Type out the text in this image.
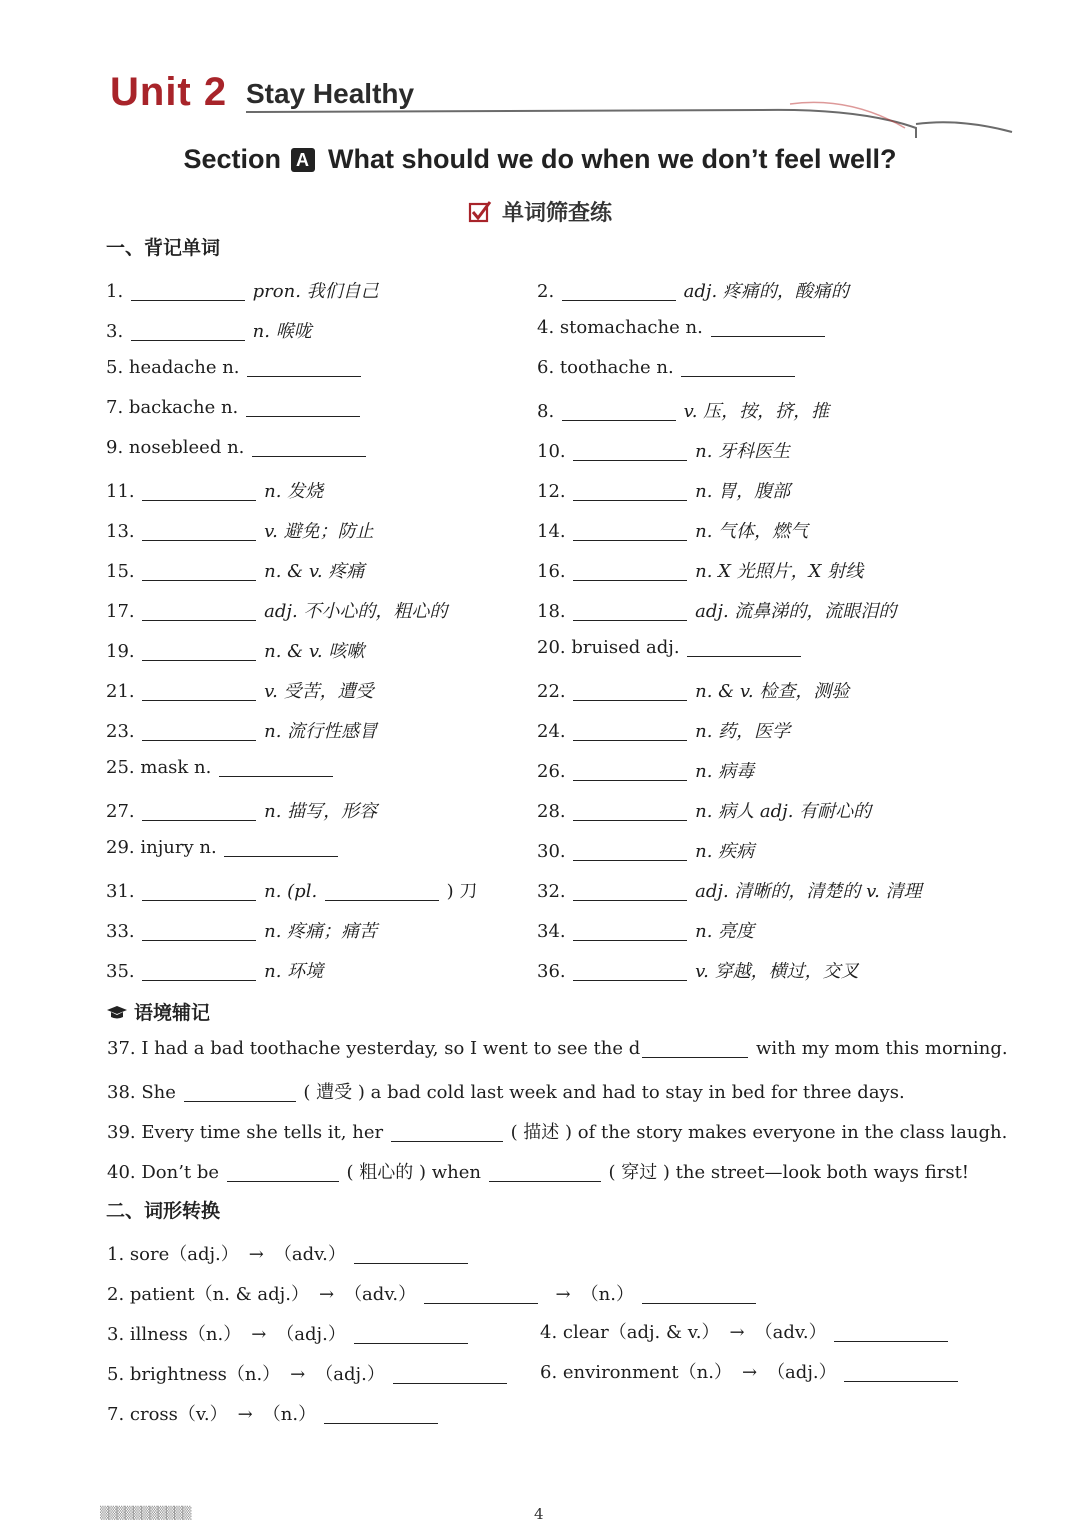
Unit 2 Stay Healthy
Section A What should we do when we don’t feel well?
单词筛查练
一、背记单词
1.	pron. 我们自己
3.	n. 喉咙
5. headache n.
7. backache n.
9. nosebleed n.
11.	n. 发烧
13.	v. 避免；防止
15.	n. & v. 疼痛
17.	adj. 不小心的，粗心的
19.	n. & v. 咳嗽
21.	v. 受苦，遭受
23.	n. 流行性感冒
25. mask n.
27.	n. 描写，形容
29. injury n.
31.	n. (pl.	) 刀
33.	n. 疼痛；痛苦
35.	n. 环境
2.	adj. 疼痛的，酸痛的
4. stomachache n.
6. toothache n.
8.	v. 压，按，挤，推
10.	n. 牙科医生
12.	n. 胃，腹部
14.	n. 气体，燃气
16.	n. X 光照片，X 射线
18.	adj. 流鼻涕的，流眼泪的
20. bruised adj.
22.	n. & v. 检查，测验
24.	n. 药，医学
26.	n. 病毒
28.	n. 病人 adj. 有耐心的
30.	n. 疾病
32.	adj. 清晰的，清楚的 v. 清理
34.	n. 亮度
36.	v. 穿越，横过，交叉
语境辅记
37. I had a bad toothache yesterday, so I went to see the d	with my mom this morning.
38. She	( 遭受 ) a bad cold last week and had to stay in bed for three days.
39. Every time she tells it, her	( 描述 ) of the story makes everyone in the class laugh.
40. Don’t be	( 粗心的 ) when	( 穿过 ) the street—look both ways first!
二、词形转换
1. sore（adj.） → （adv.）
2. patient（n. & adj.） → （adv.）	→ （n.）
3. illness（n.） → （adj.）	4. clear（adj. & v.） → （adv.）
5. brightness（n.） → （adj.）	6. environment（n.） → （adj.）
7. cross（v.） → （n.）
▒▒▒▒▒▒▒▒▒▒▒	4
